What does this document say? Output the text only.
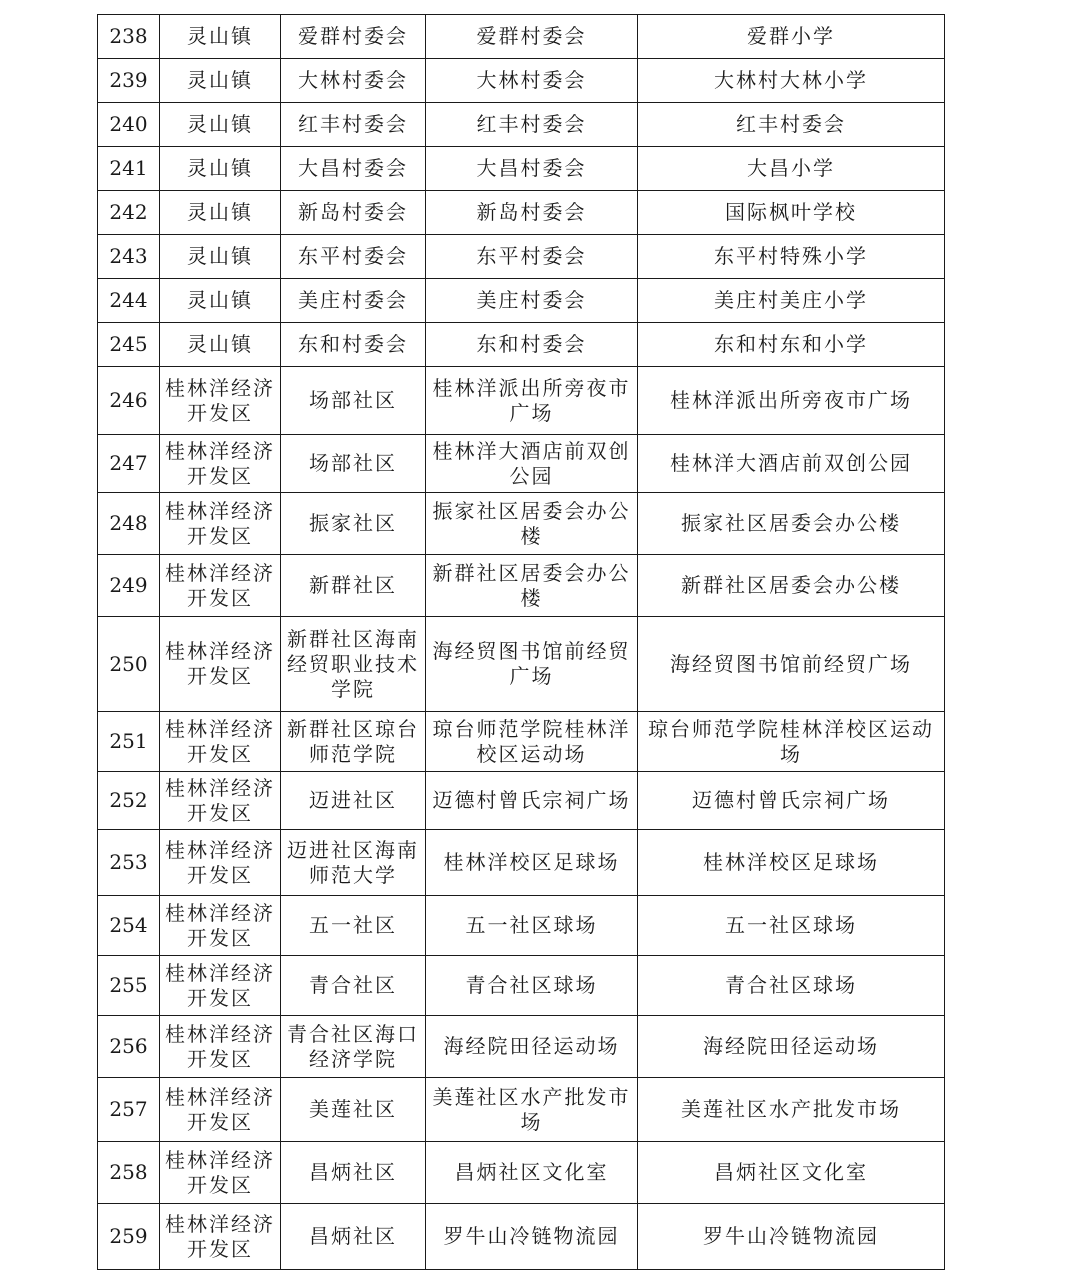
238	灵山镇	爱群村委会	爱群村委会	爱群小学
239	灵山镇	大林村委会	大林村委会	大林村大林小学
240	灵山镇	红丰村委会	红丰村委会	红丰村委会
241	灵山镇	大昌村委会	大昌村委会	大昌小学
242	灵山镇	新岛村委会	新岛村委会	国际枫叶学校
243	灵山镇	东平村委会	东平村委会	东平村特殊小学
244	灵山镇	美庄村委会	美庄村委会	美庄村美庄小学
245	灵山镇	东和村委会	东和村委会	东和村东和小学
246	桂林洋经济开发区	场部社区	桂林洋派出所旁夜市广场	桂林洋派出所旁夜市广场
247	桂林洋经济开发区	场部社区	桂林洋大酒店前双创公园	桂林洋大酒店前双创公园
248	桂林洋经济开发区	振家社区	振家社区居委会办公楼	振家社区居委会办公楼
249	桂林洋经济开发区	新群社区	新群社区居委会办公楼	新群社区居委会办公楼
250	桂林洋经济开发区	新群社区海南经贸职业技术学院	海经贸图书馆前经贸广场	海经贸图书馆前经贸广场
251	桂林洋经济开发区	新群社区琼台师范学院	琼台师范学院桂林洋校区运动场	琼台师范学院桂林洋校区运动场
252	桂林洋经济开发区	迈进社区	迈德村曾氏宗祠广场	迈德村曾氏宗祠广场
253	桂林洋经济开发区	迈进社区海南师范大学	桂林洋校区足球场	桂林洋校区足球场
254	桂林洋经济开发区	五一社区	五一社区球场	五一社区球场
255	桂林洋经济开发区	青合社区	青合社区球场	青合社区球场
256	桂林洋经济开发区	青合社区海口经济学院	海经院田径运动场	海经院田径运动场
257	桂林洋经济开发区	美莲社区	美莲社区水产批发市场	美莲社区水产批发市场
258	桂林洋经济开发区	昌炳社区	昌炳社区文化室	昌炳社区文化室
259	桂林洋经济开发区	昌炳社区	罗牛山冷链物流园	罗牛山冷链物流园
